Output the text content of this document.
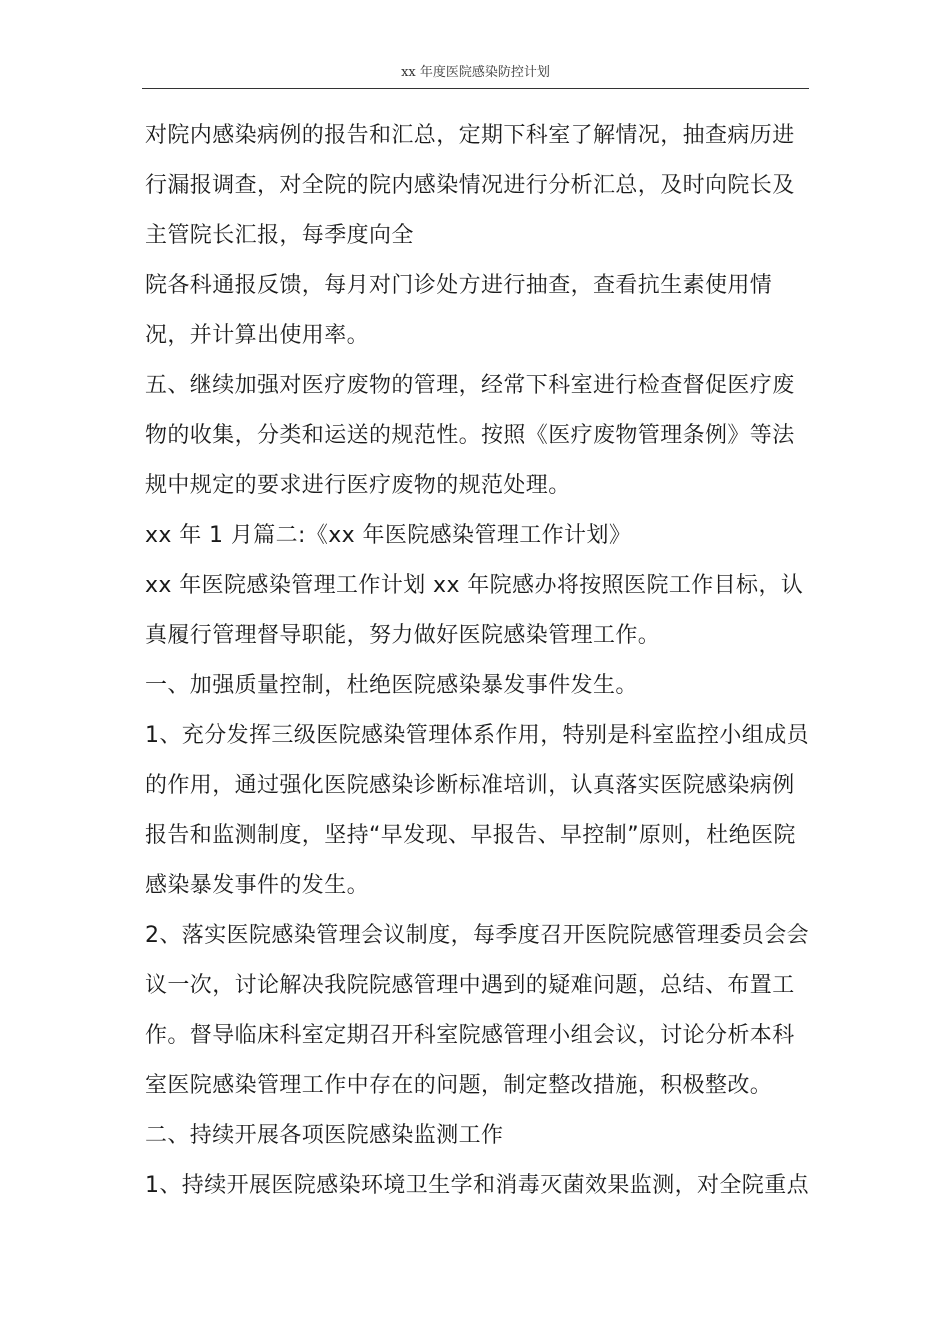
xx 年度医院感染防控计划

对院内感染病例的报告和汇总，定期下科室了解情况，抽查病历进行漏报调查，对全院的院内感染情况进行分析汇总，及时向院长及主管院长汇报，每季度向全

院各科通报反馈，每月对门诊处方进行抽查，查看抗生素使用情况，并计算出使用率。

五、继续加强对医疗废物的管理，经常下科室进行检查督促医疗废物的收集，分类和运送的规范性。按照《医疗废物管理条例》等法规中规定的要求进行医疗废物的规范处理。

xx 年 1 月篇二:《xx 年医院感染管理工作计划》

xx 年医院感染管理工作计划 xx 年院感办将按照医院工作目标，认真履行管理督导职能，努力做好医院感染管理工作。

一、加强质量控制，杜绝医院感染暴发事件发生。

1、充分发挥三级医院感染管理体系作用，特别是科室监控小组成员的作用，通过强化医院感染诊断标准培训，认真落实医院感染病例报告和监测制度，坚持“早发现、早报告、早控制”原则，杜绝医院感染暴发事件的发生。

2、落实医院感染管理会议制度，每季度召开医院院感管理委员会会议一次，讨论解决我院院感管理中遇到的疑难问题，总结、布置工作。督导临床科室定期召开科室院感管理小组会议，讨论分析本科室医院感染管理工作中存在的问题，制定整改措施，积极整改。

二、持续开展各项医院感染监测工作

1、持续开展医院感染环境卫生学和消毒灭菌效果监测，对全院重点
